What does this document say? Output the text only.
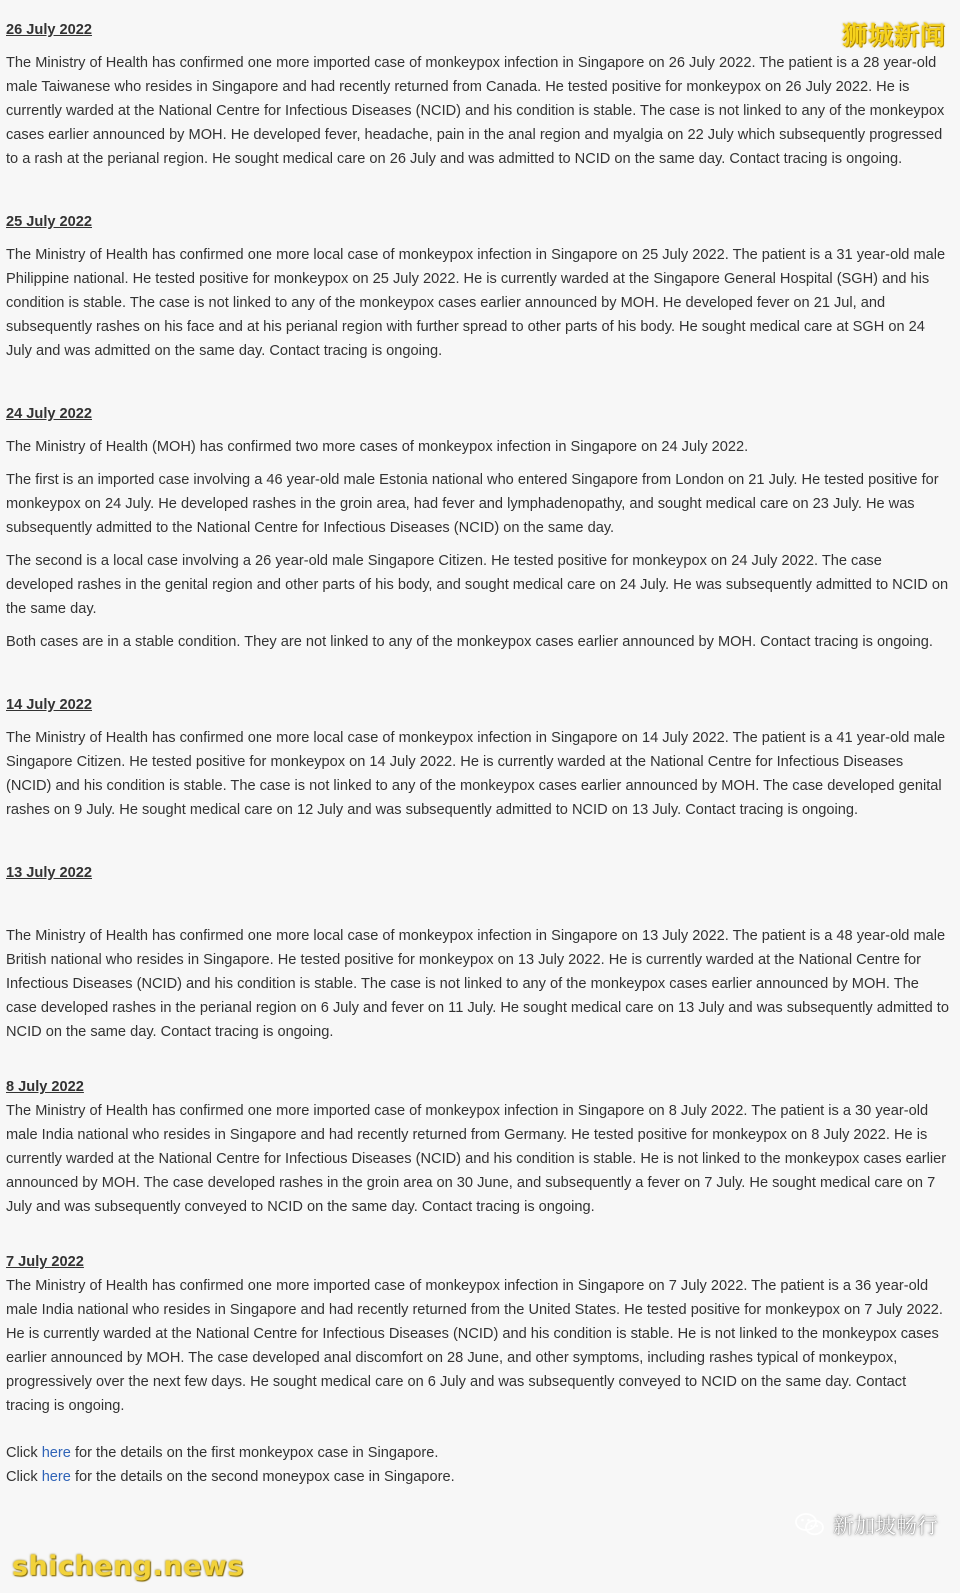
26 July 2022

The Ministry of Health has confirmed one more imported case of monkeypox infection in Singapore on 26 July 2022. The patient is a 28 year-old male Taiwanese who resides in Singapore and had recently returned from Canada. He tested positive for monkeypox on 26 July 2022. He is currently warded at the National Centre for Infectious Diseases (NCID) and his condition is stable. The case is not linked to any of the monkeypox cases earlier announced by MOH. He developed fever, headache, pain in the anal region and myalgia on 22 July which subsequently progressed to a rash at the perianal region. He sought medical care on 26 July and was admitted to NCID on the same day. Contact tracing is ongoing.

25 July 2022

The Ministry of Health has confirmed one more local case of monkeypox infection in Singapore on 25 July 2022. The patient is a 31 year-old male Philippine national. He tested positive for monkeypox on 25 July 2022. He is currently warded at the Singapore General Hospital (SGH) and his condition is stable. The case is not linked to any of the monkeypox cases earlier announced by MOH. He developed fever on 21 Jul, and subsequently rashes on his face and at his perianal region with further spread to other parts of his body. He sought medical care at SGH on 24 July and was admitted on the same day. Contact tracing is ongoing.

24 July 2022

The Ministry of Health (MOH) has confirmed two more cases of monkeypox infection in Singapore on 24 July 2022.

The first is an imported case involving a 46 year-old male Estonia national who entered Singapore from London on 21 July. He tested positive for monkeypox on 24 July. He developed rashes in the groin area, had fever and lymphadenopathy, and sought medical care on 23 July. He was subsequently admitted to the National Centre for Infectious Diseases (NCID) on the same day.

The second is a local case involving a 26 year-old male Singapore Citizen. He tested positive for monkeypox on 24 July 2022. The case developed rashes in the genital region and other parts of his body, and sought medical care on 24 July. He was subsequently admitted to NCID on the same day.

Both cases are in a stable condition. They are not linked to any of the monkeypox cases earlier announced by MOH. Contact tracing is ongoing.

14 July 2022

The Ministry of Health has confirmed one more local case of monkeypox infection in Singapore on 14 July 2022. The patient is a 41 year-old male Singapore Citizen. He tested positive for monkeypox on 14 July 2022. He is currently warded at the National Centre for Infectious Diseases (NCID) and his condition is stable. The case is not linked to any of the monkeypox cases earlier announced by MOH. The case developed genital rashes on 9 July. He sought medical care on 12 July and was subsequently admitted to NCID on 13 July. Contact tracing is ongoing.

13 July 2022

The Ministry of Health has confirmed one more local case of monkeypox infection in Singapore on 13 July 2022. The patient is a 48 year-old male British national who resides in Singapore. He tested positive for monkeypox on 13 July 2022. He is currently warded at the National Centre for Infectious Diseases (NCID) and his condition is stable. The case is not linked to any of the monkeypox cases earlier announced by MOH. The case developed rashes in the perianal region on 6 July and fever on 11 July. He sought medical care on 13 July and was subsequently admitted to NCID on the same day. Contact tracing is ongoing.

8 July 2022

The Ministry of Health has confirmed one more imported case of monkeypox infection in Singapore on 8 July 2022. The patient is a 30 year-old male India national who resides in Singapore and had recently returned from Germany. He tested positive for monkeypox on 8 July 2022. He is currently warded at the National Centre for Infectious Diseases (NCID) and his condition is stable. He is not linked to the monkeypox cases earlier announced by MOH. The case developed rashes in the groin area on 30 June, and subsequently a fever on 7 July. He sought medical care on 7 July and was subsequently conveyed to NCID on the same day. Contact tracing is ongoing.

7 July 2022

The Ministry of Health has confirmed one more imported case of monkeypox infection in Singapore on 7 July 2022. The patient is a 36 year-old male India national who resides in Singapore and had recently returned from the United States. He tested positive for monkeypox on 7 July 2022. He is currently warded at the National Centre for Infectious Diseases (NCID) and his condition is stable. He is not linked to the monkeypox cases earlier announced by MOH. The case developed anal discomfort on 28 June, and other symptoms, including rashes typical of monkeypox, progressively over the next few days. He sought medical care on 6 July and was subsequently conveyed to NCID on the same day. Contact tracing is ongoing.

Click here for the details on the first monkeypox case in Singapore.

Click here for the details on the second moneypox case in Singapore.

狮城新闻
新加坡畅行
shicheng.news
